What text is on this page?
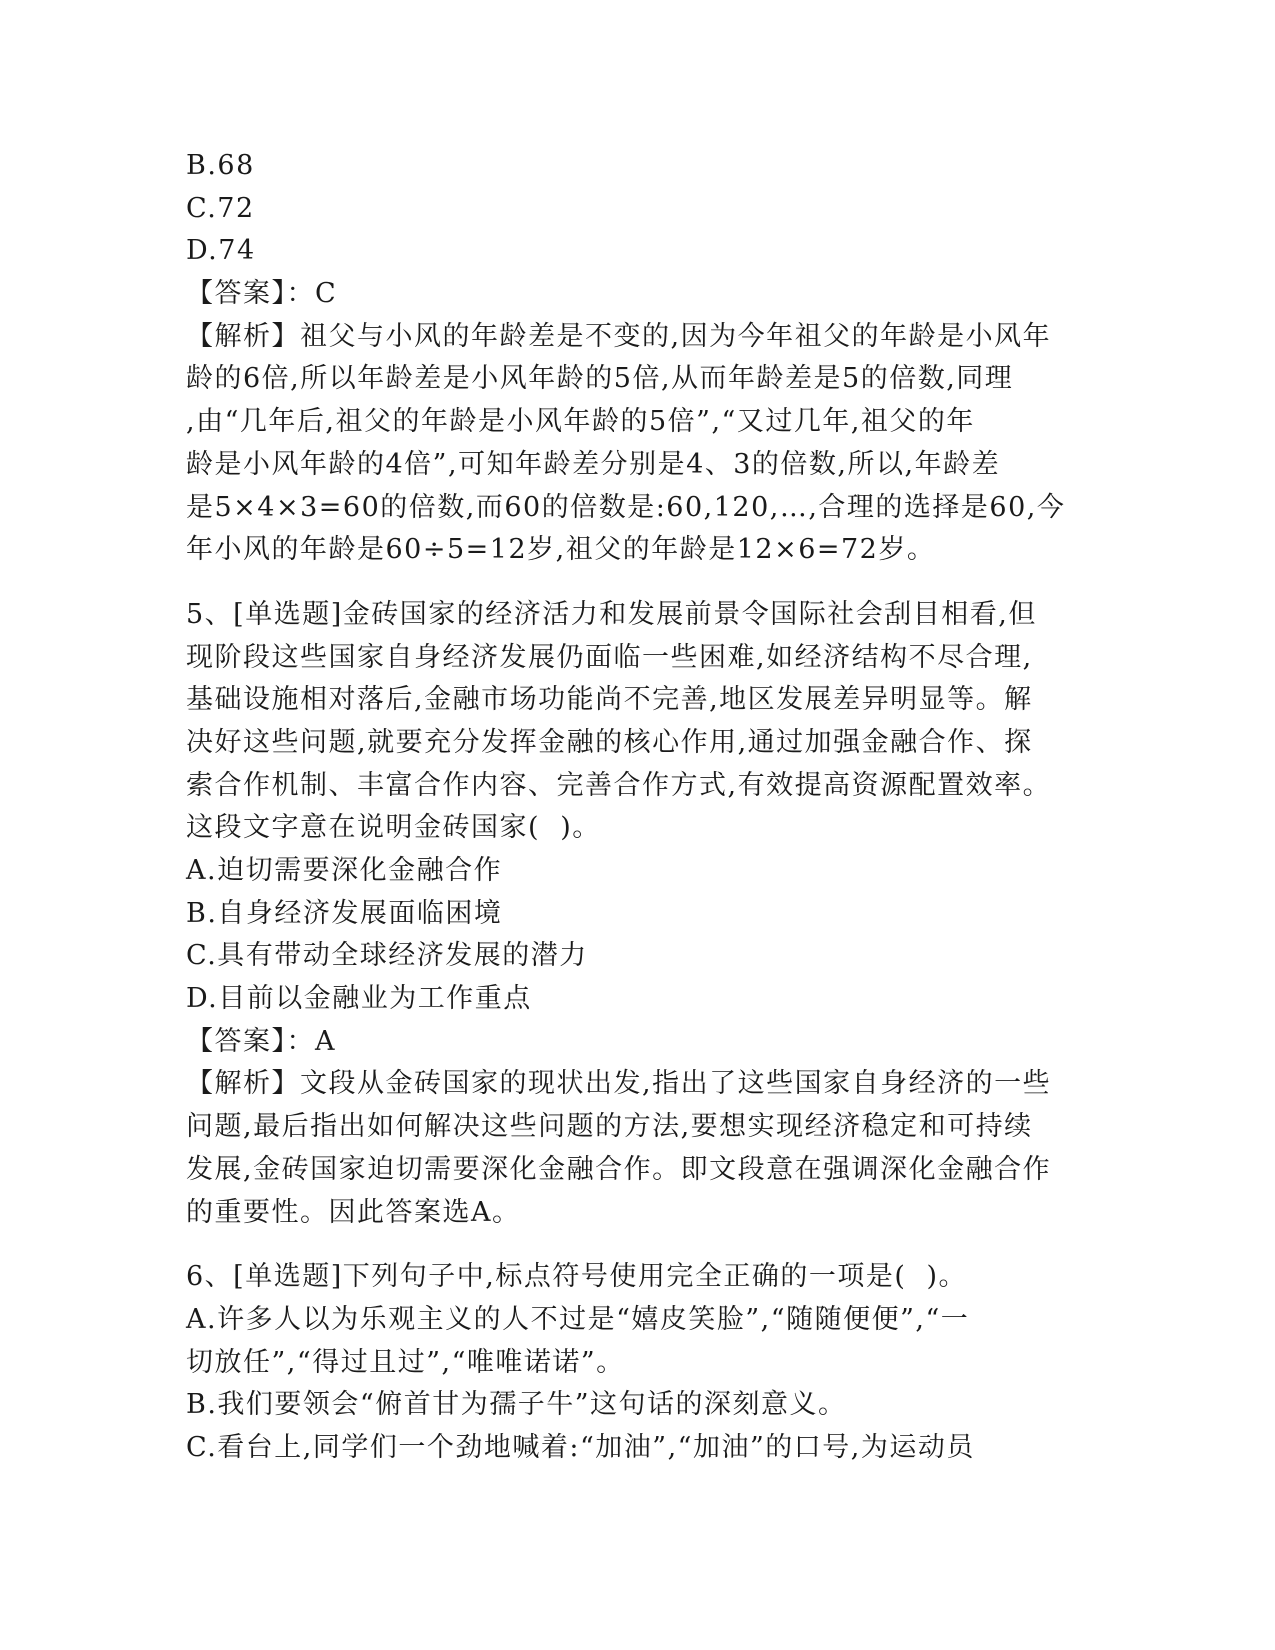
B.68
C.72
D.74
【答案】：C
【解析】祖父与小风的年龄差是不变的,因为今年祖父的年龄是小风年
龄的6倍,所以年龄差是小风年龄的5倍,从而年龄差是5的倍数,同理
,由“几年后,祖父的年龄是小风年龄的5倍”,“又过几年,祖父的年
龄是小风年龄的4倍”,可知年龄差分别是4、3的倍数,所以,年龄差
是5×4×3=60的倍数,而60的倍数是:60,120,…,合理的选择是60,今
年小风的年龄是60÷5=12岁,祖父的年龄是12×6=72岁。
5、[单选题]金砖国家的经济活力和发展前景令国际社会刮目相看,但
现阶段这些国家自身经济发展仍面临一些困难,如经济结构不尽合理,
基础设施相对落后,金融市场功能尚不完善,地区发展差异明显等。解
决好这些问题,就要充分发挥金融的核心作用,通过加强金融合作、探
索合作机制、丰富合作内容、完善合作方式,有效提高资源配置效率。
这段文字意在说明金砖国家(  )。
A.迫切需要深化金融合作
B.自身经济发展面临困境
C.具有带动全球经济发展的潜力
D.目前以金融业为工作重点
【答案】：A
【解析】文段从金砖国家的现状出发,指出了这些国家自身经济的一些
问题,最后指出如何解决这些问题的方法,要想实现经济稳定和可持续
发展,金砖国家迫切需要深化金融合作。即文段意在强调深化金融合作
的重要性。因此答案选A。
6、[单选题]下列句子中,标点符号使用完全正确的一项是(  )。
A.许多人以为乐观主义的人不过是“嬉皮笑脸”,“随随便便”,“一
切放任”,“得过且过”,“唯唯诺诺”。
B.我们要领会“俯首甘为孺子牛”这句话的深刻意义。
C.看台上,同学们一个劲地喊着:“加油”,“加油”的口号,为运动员
